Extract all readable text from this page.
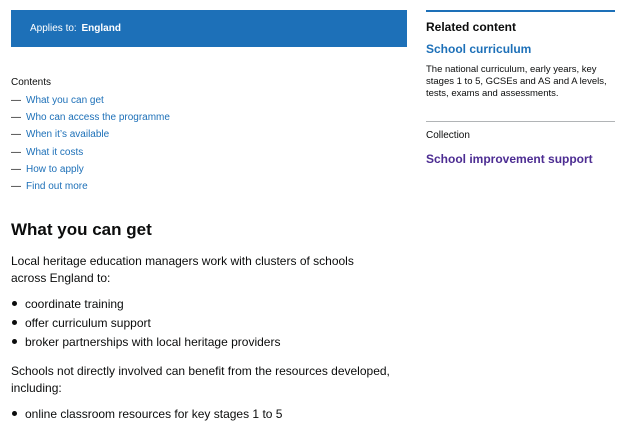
Applies to: England
Contents
— What you can get
— Who can access the programme
— When it’s available
— What it costs
— How to apply
— Find out more
What you can get

Local heritage education managers work with clusters of schools across England to:

coordinate training
offer curriculum support
broker partnerships with local heritage providers

Schools not directly involved can benefit from the resources developed, including:

online classroom resources for key stages 1 to 5
Related content
School curriculum

The national curriculum, early years, key stages 1 to 5, GCSEs and AS and A levels, tests, exams and assessments.

Collection
School improvement support
